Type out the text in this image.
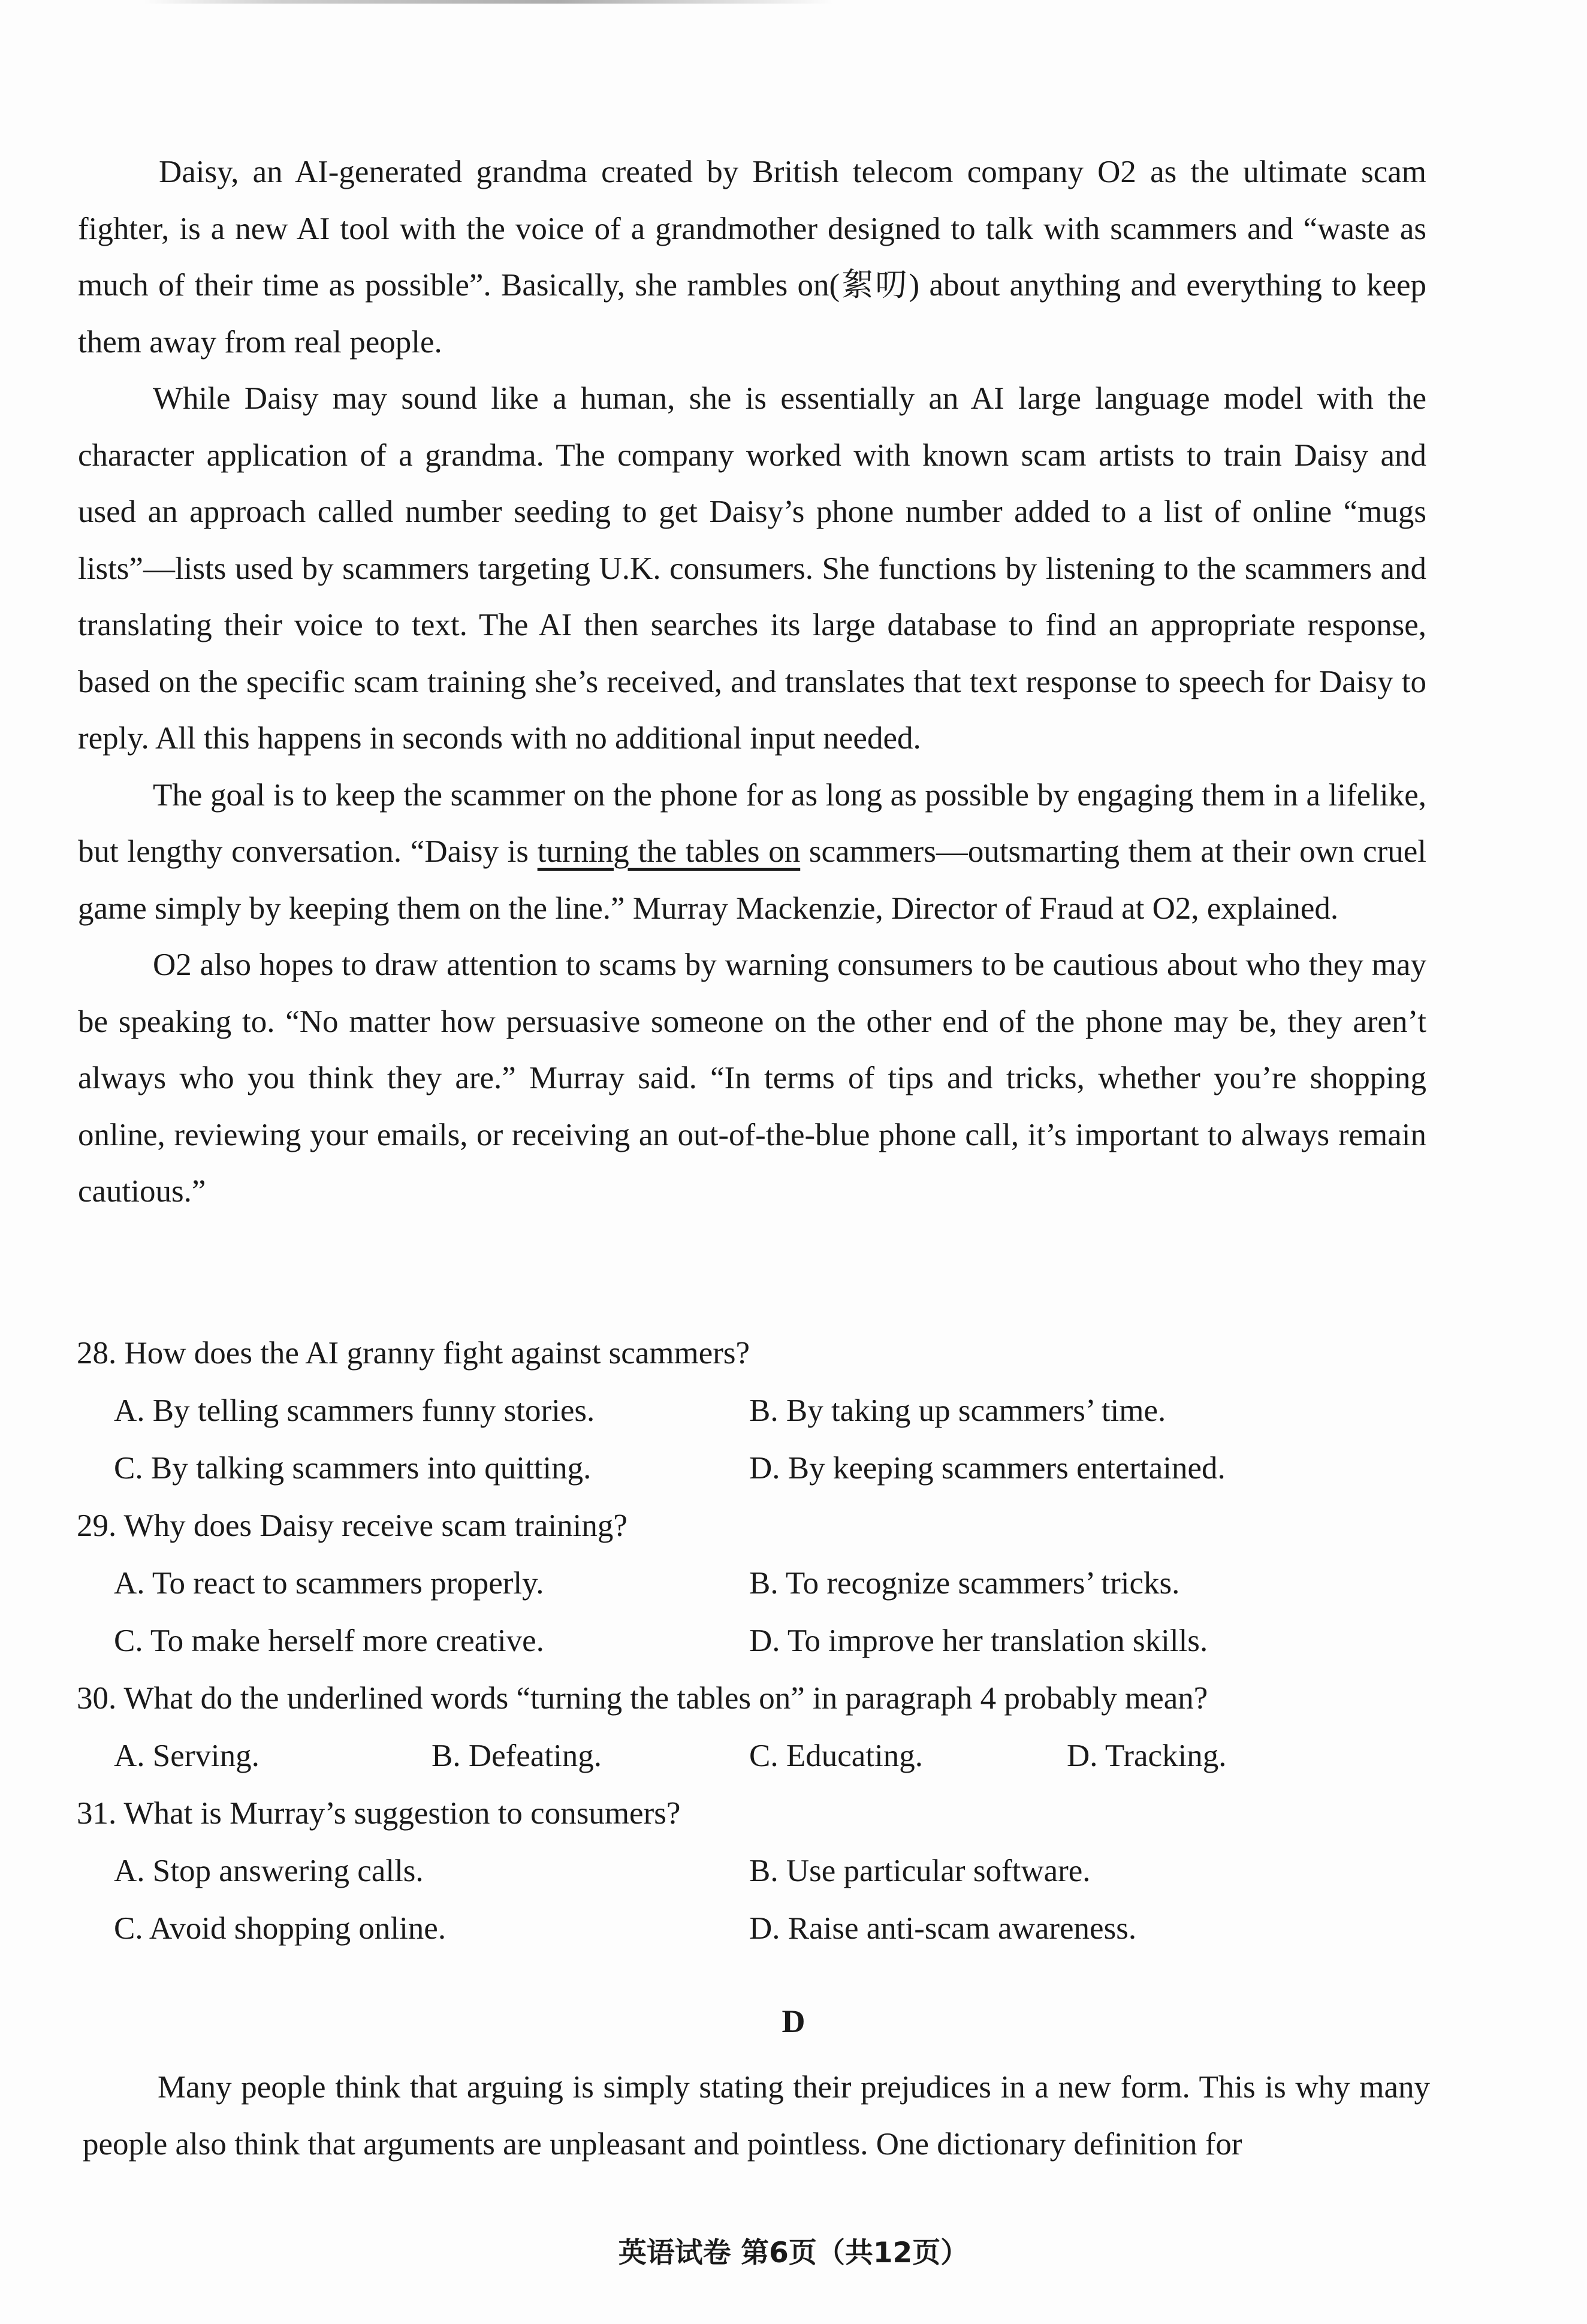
Daisy, an AI-generated grandma created by British telecom company O2 as the ultimate scam fighter, is a new AI tool with the voice of a grandmother designed to talk with scammers and “waste as much of their time as possible”. Basically, she rambles on(絮叨) about anything and everything to keep them away from real people.

While Daisy may sound like a human, she is essentially an AI large language model with the character application of a grandma. The company worked with known scam artists to train Daisy and used an approach called number seeding to get Daisy’s phone number added to a list of online “mugs lists”—lists used by scammers targeting U.K. consumers. She functions by listening to the scammers and translating their voice to text. The AI then searches its large database to find an appropriate response, based on the specific scam training she’s received, and translates that text response to speech for Daisy to reply. All this happens in seconds with no additional input needed.

The goal is to keep the scammer on the phone for as long as possible by engaging them in a lifelike, but lengthy conversation. “Daisy is turning the tables on scammers—outsmarting them at their own cruel game simply by keeping them on the line.” Murray Mackenzie, Director of Fraud at O2, explained.

O2 also hopes to draw attention to scams by warning consumers to be cautious about who they may be speaking to. “No matter how persuasive someone on the other end of the phone may be, they aren’t always who you think they are.” Murray said. “In terms of tips and tricks, whether you’re shopping online, reviewing your emails, or receiving an out-of-the-blue phone call, it’s important to always remain cautious.”

28. How does the AI granny fight against scammers?

A. By telling scammers funny stories.	B. By taking up scammers’ time.
C. By talking scammers into quitting.	D. By keeping scammers entertained.

29. Why does Daisy receive scam training?

A. To react to scammers properly.	B. To recognize scammers’ tricks.
C. To make herself more creative.	D. To improve her translation skills.

30. What do the underlined words “turning the tables on” in paragraph 4 probably mean?

A. Serving.	B. Defeating.	C. Educating.	D. Tracking.

31. What is Murray’s suggestion to consumers?

A. Stop answering calls.	B. Use particular software.
C. Avoid shopping online.	D. Raise anti-scam awareness.
D

Many people think that arguing is simply stating their prejudices in a new form. This is why many people also think that arguments are unpleasant and pointless. One dictionary definition for

英语试卷 第6页（共12页）
